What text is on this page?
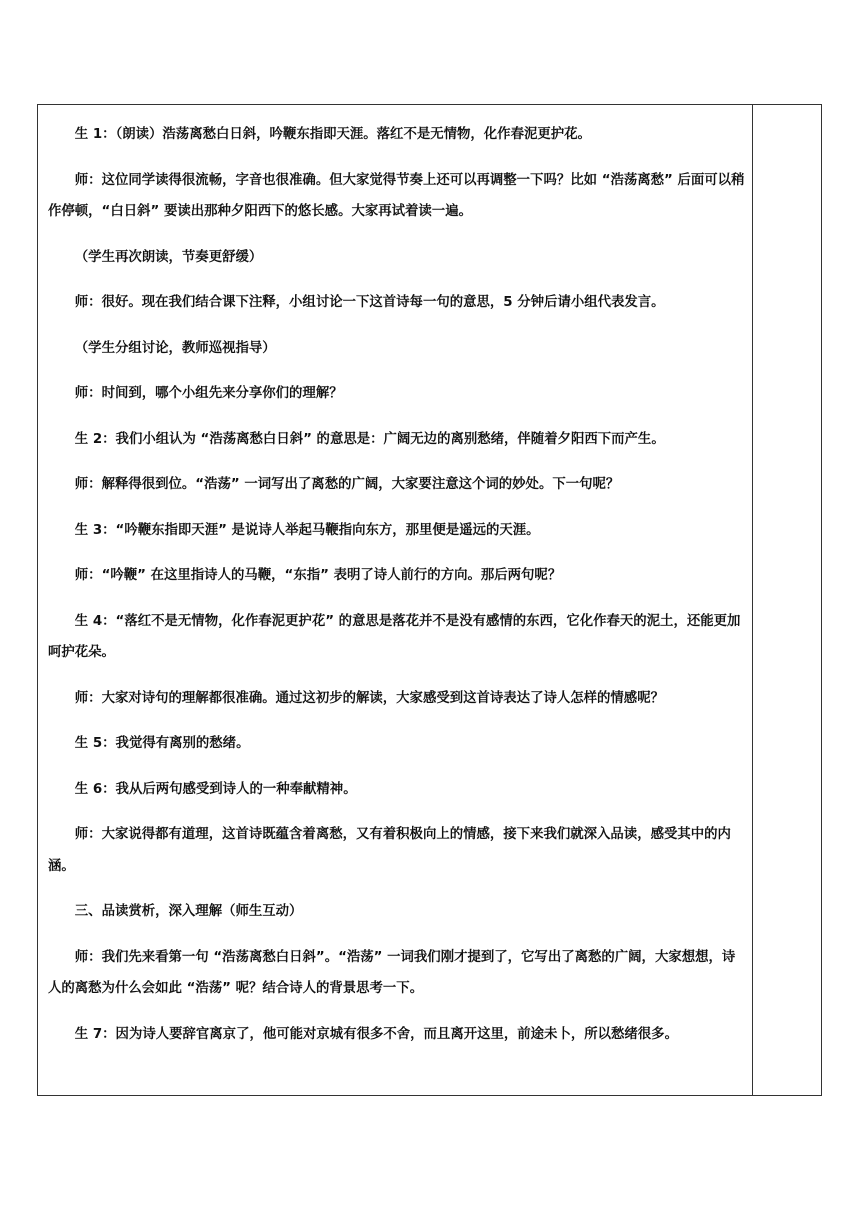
生 1：（朗读）浩荡离愁白日斜，吟鞭东指即天涯。落红不是无情物，化作春泥更护花。

师：这位同学读得很流畅，字音也很准确。但大家觉得节奏上还可以再调整一下吗？比如 “浩荡离愁” 后面可以稍作停顿，“白日斜” 要读出那种夕阳西下的悠长感。大家再试着读一遍。

（学生再次朗读，节奏更舒缓）

师：很好。现在我们结合课下注释，小组讨论一下这首诗每一句的意思，5 分钟后请小组代表发言。

（学生分组讨论，教师巡视指导）

师：时间到，哪个小组先来分享你们的理解？

生 2：我们小组认为 “浩荡离愁白日斜” 的意思是：广阔无边的离别愁绪，伴随着夕阳西下而产生。

师：解释得很到位。“浩荡” 一词写出了离愁的广阔，大家要注意这个词的妙处。下一句呢？

生 3：“吟鞭东指即天涯” 是说诗人举起马鞭指向东方，那里便是遥远的天涯。

师：“吟鞭” 在这里指诗人的马鞭，“东指” 表明了诗人前行的方向。那后两句呢？

生 4：“落红不是无情物，化作春泥更护花” 的意思是落花并不是没有感情的东西，它化作春天的泥土，还能更加呵护花朵。

师：大家对诗句的理解都很准确。通过这初步的解读，大家感受到这首诗表达了诗人怎样的情感呢？

生 5：我觉得有离别的愁绪。

生 6：我从后两句感受到诗人的一种奉献精神。

师：大家说得都有道理，这首诗既蕴含着离愁，又有着积极向上的情感，接下来我们就深入品读，感受其中的内涵。

三、品读赏析，深入理解（师生互动）

师：我们先来看第一句 “浩荡离愁白日斜”。“浩荡” 一词我们刚才提到了，它写出了离愁的广阔，大家想想，诗人的离愁为什么会如此 “浩荡” 呢？结合诗人的背景思考一下。

生 7：因为诗人要辞官离京了，他可能对京城有很多不舍，而且离开这里，前途未卜，所以愁绪很多。
